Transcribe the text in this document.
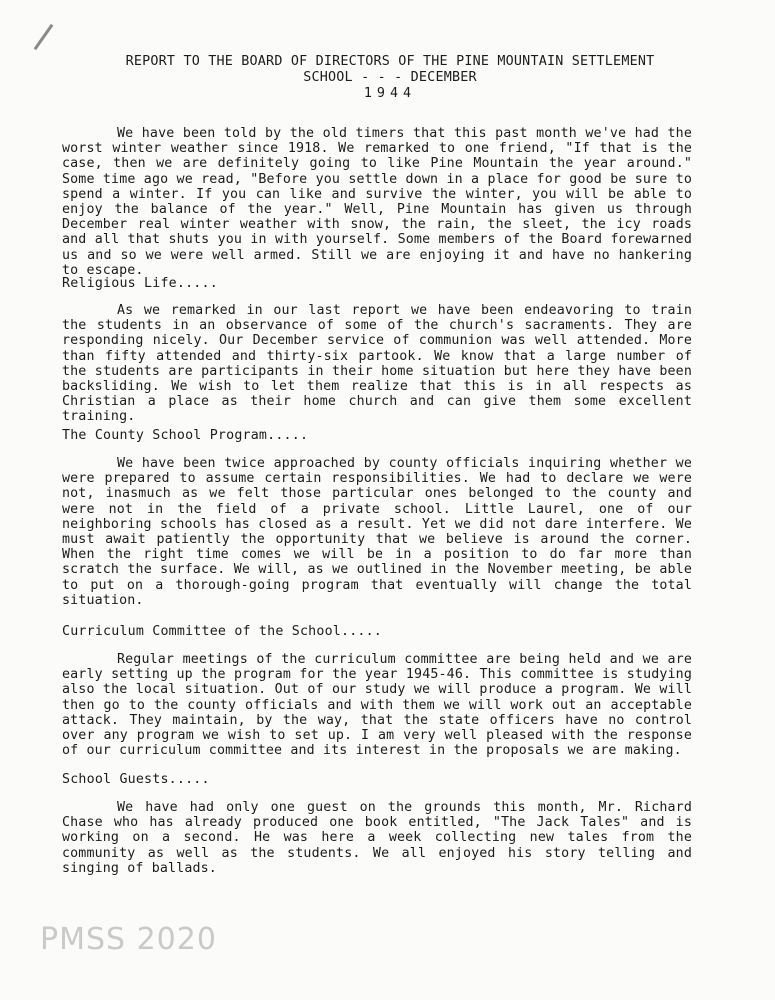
REPORT TO THE BOARD OF DIRECTORS OF THE PINE MOUNTAIN SETTLEMENT
SCHOOL - - - DECEMBER
1944

We have been told by the old timers that this past month we've had the worst winter weather since 1918. We remarked to one friend, "If that is the case, then we are definitely going to like Pine Mountain the year around." Some time ago we read, "Before you settle down in a place for good be sure to spend a winter. If you can like and survive the winter, you will be able to enjoy the balance of the year." Well, Pine Mountain has given us through December real winter weather with snow, the rain, the sleet, the icy roads and all that shuts you in with yourself. Some members of the Board forewarned us and so we were well armed. Still we are enjoying it and have no hankering to escape.

Religious Life.....

As we remarked in our last report we have been endeavoring to train the students in an observance of some of the church's sacraments. They are responding nicely. Our December service of communion was well attended. More than fifty attended and thirty-six partook. We know that a large number of the students are participants in their home situation but here they have been backsliding. We wish to let them realize that this is in all respects as Christian a place as their home church and can give them some excellent training.

The County School Program.....

We have been twice approached by county officials inquiring whether we were prepared to assume certain responsibilities. We had to declare we were not, inasmuch as we felt those particular ones belonged to the county and were not in the field of a private school. Little Laurel, one of our neighboring schools has closed as a result. Yet we did not dare interfere. We must await patiently the opportunity that we believe is around the corner. When the right time comes we will be in a position to do far more than scratch the surface. We will, as we outlined in the November meeting, be able to put on a thorough-going program that eventually will change the total situation.

Curriculum Committee of the School.....

Regular meetings of the curriculum committee are being held and we are early setting up the program for the year 1945-46. This committee is studying also the local situation. Out of our study we will produce a program. We will then go to the county officials and with them we will work out an acceptable attack. They maintain, by the way, that the state officers have no control over any program we wish to set up. I am very well pleased with the response of our curriculum committee and its interest in the proposals we are making.

School Guests.....

We have had only one guest on the grounds this month, Mr. Richard Chase who has already produced one book entitled, "The Jack Tales" and is working on a second. He was here a week collecting new tales from the community as well as the students. We all enjoyed his story telling and singing of ballads.

PMSS 2020
